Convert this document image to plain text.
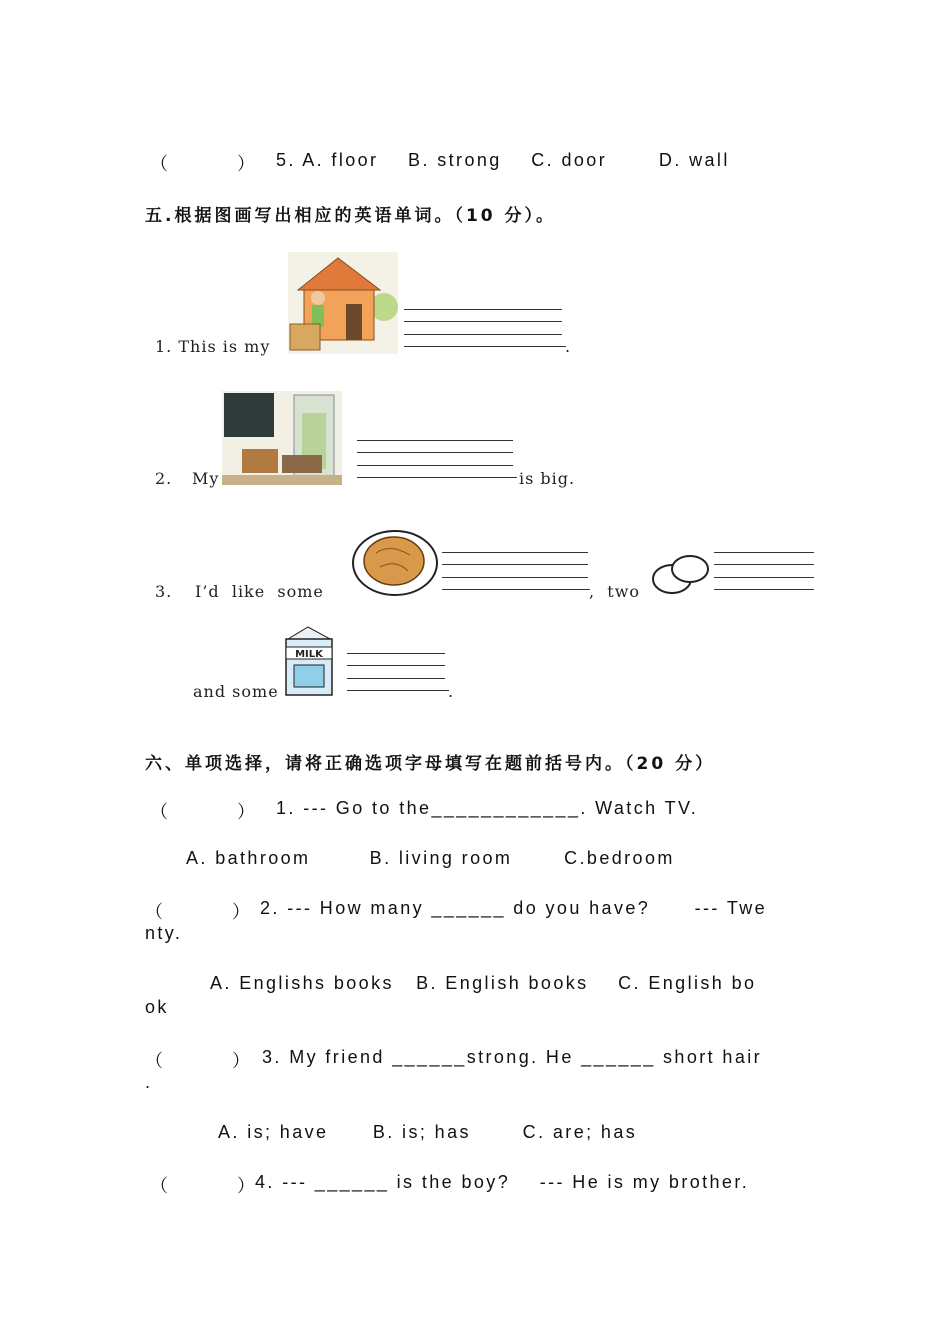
（         ） 5. A. floor    B. strong    C. door       D. wall
五.根据图画写出相应的英语单词。（10 分）。
1. This is my	.
2. My	is big.
3. I’d  like  some	,  two
and some
MILK
.
六、单项选择，请将正确选项字母填写在题前括号内。（20 分）
（         ） 1. --- Go to the____________. Watch TV.
A. bathroom        B. living room       C.bedroom
（         ） 2. --- How many ______ do you have?      --- Twe
nty.
A. Englishs books   B. English books    C. English bo
ok
（         ） 3. My friend ______strong. He ______ short hair
.
A. is; have      B. is; has       C. are; has
（         ）
4. --- ______ is the boy?    --- He is my brother.
